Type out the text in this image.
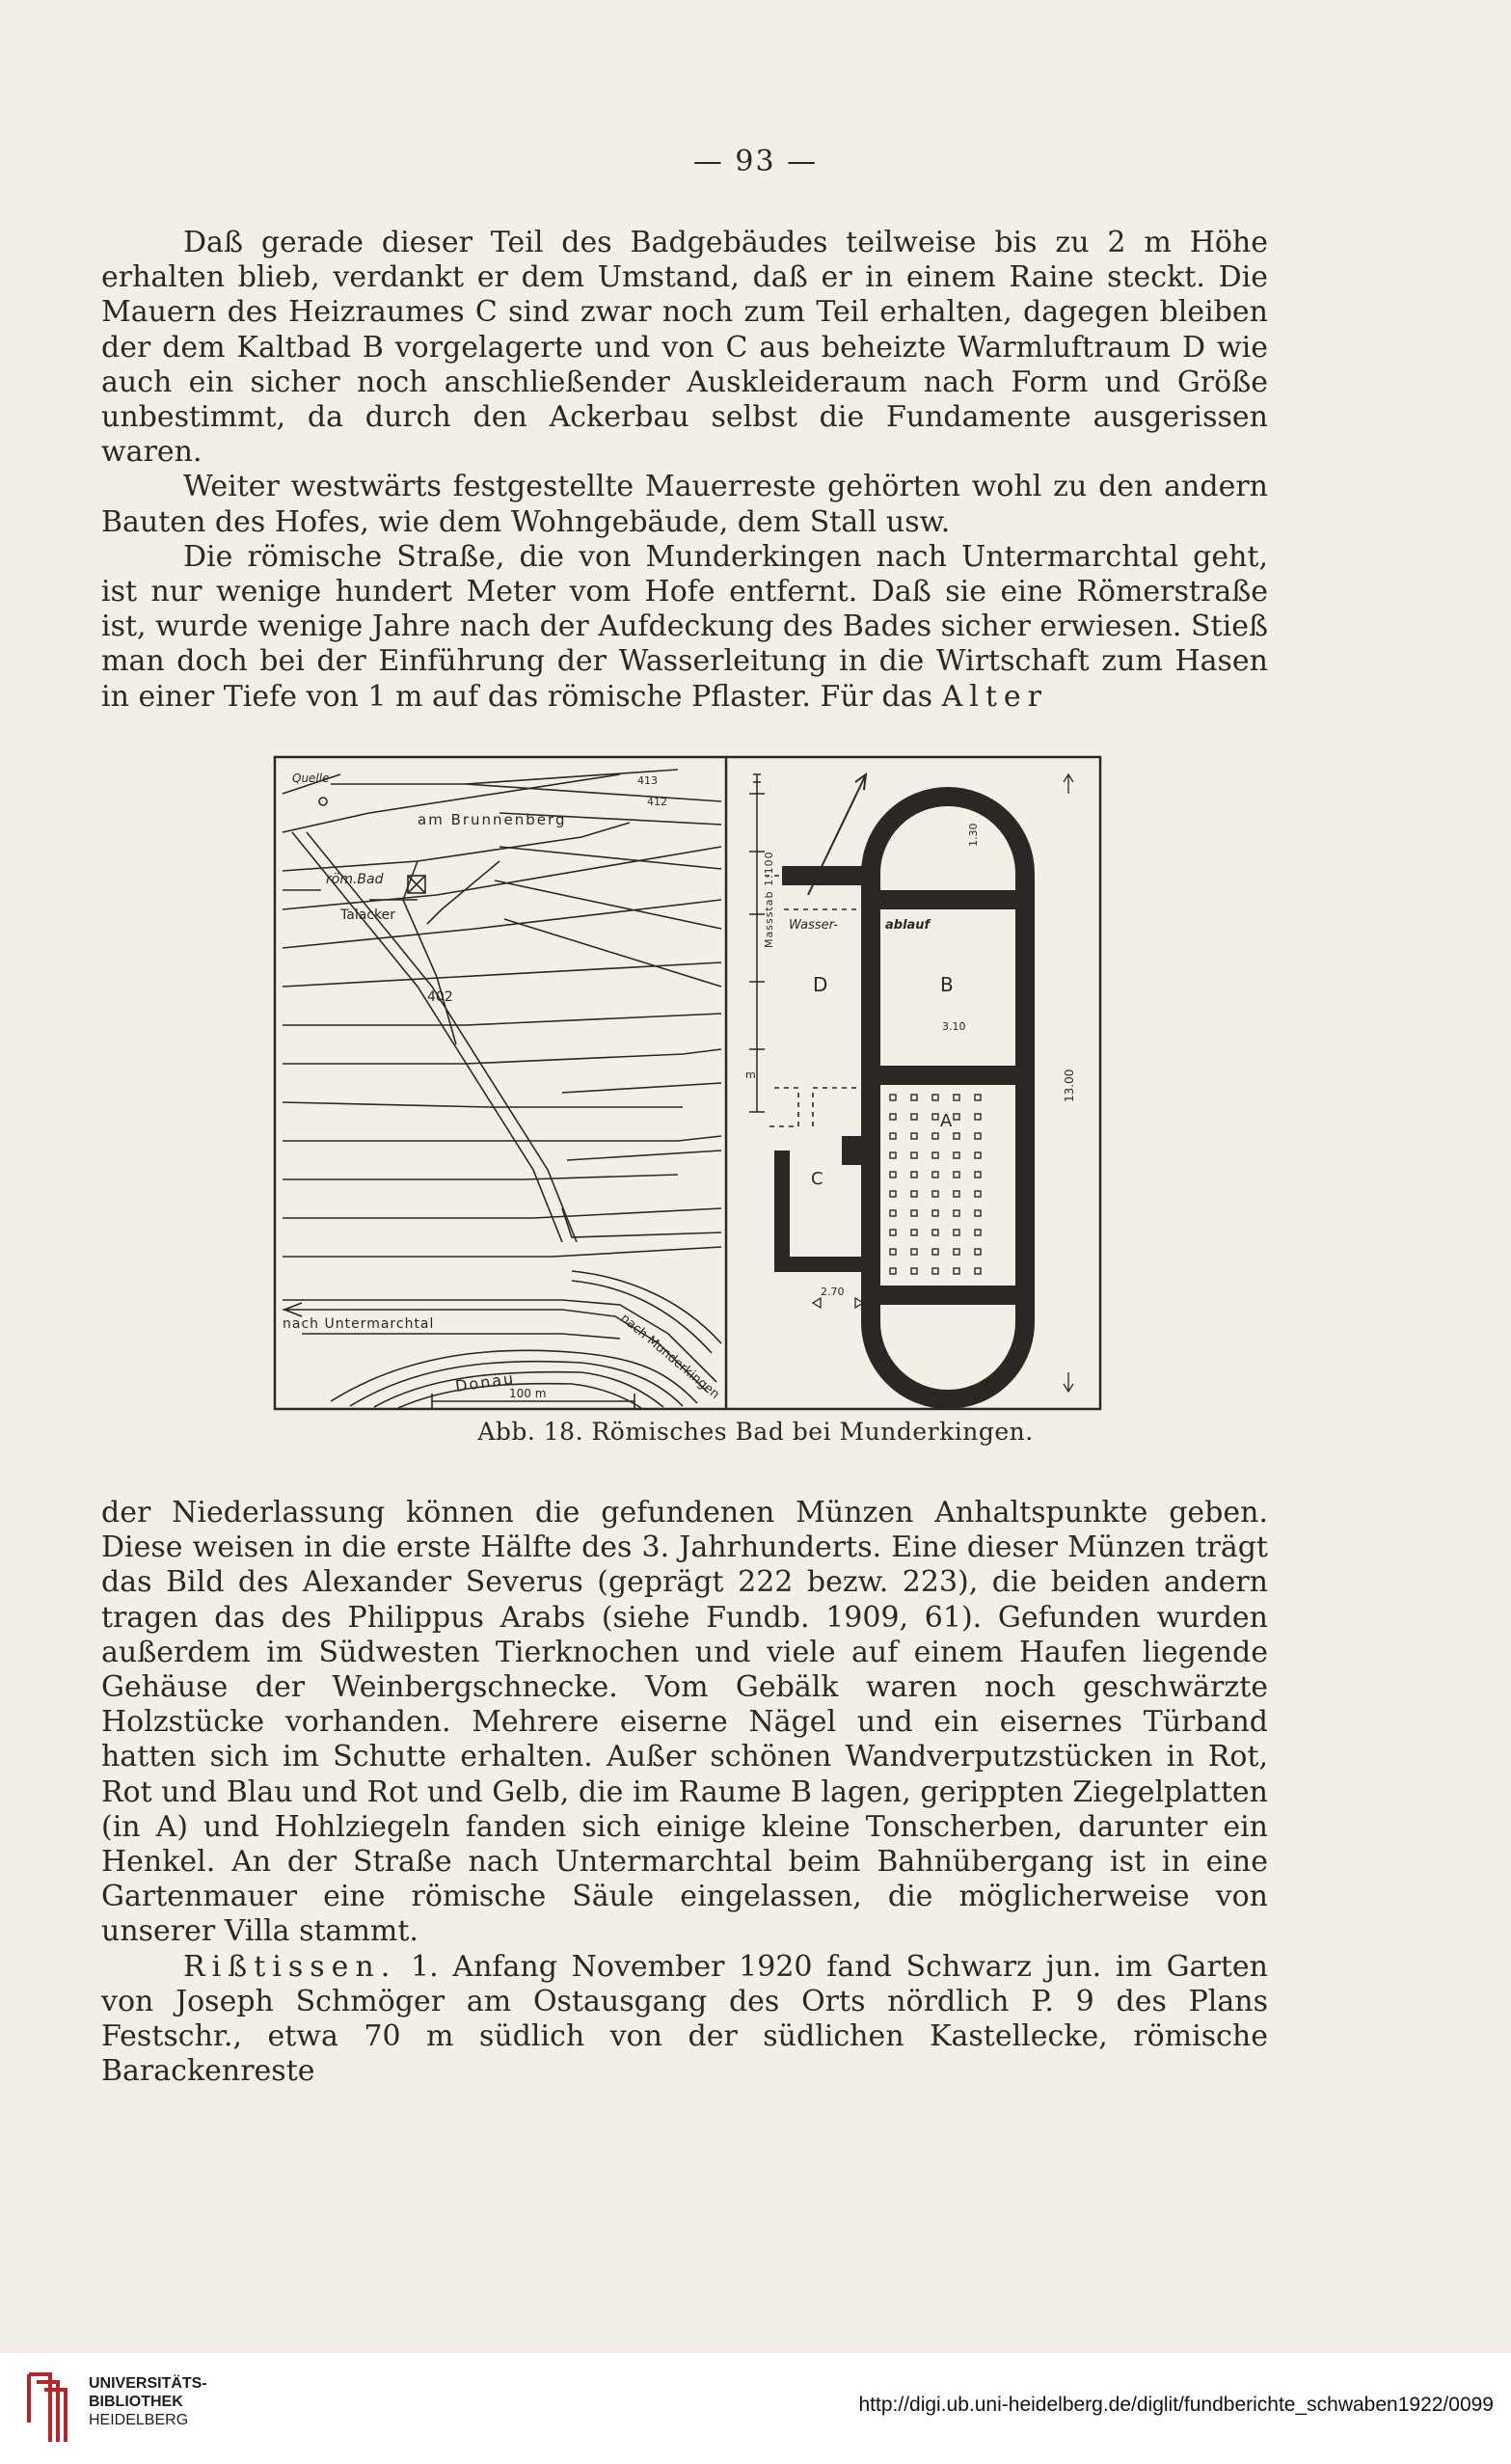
— 93 —

Daß gerade dieser Teil des Badgebäudes teilweise bis zu 2 m Höhe erhalten blieb, verdankt er dem Umstand, daß er in einem Raine steckt. Die Mauern des Heizraumes C sind zwar noch zum Teil erhalten, dagegen bleiben der dem Kaltbad B vorgelagerte und von C aus beheizte Warmluftraum D wie auch ein sicher noch anschließender Auskleideraum nach Form und Größe unbestimmt, da durch den Ackerbau selbst die Fundamente ausgerissen waren.

Weiter westwärts festgestellte Mauerreste gehörten wohl zu den andern Bauten des Hofes, wie dem Wohngebäude, dem Stall usw.

Die römische Straße, die von Munderkingen nach Untermarchtal geht, ist nur wenige hundert Meter vom Hofe entfernt. Daß sie eine Römerstraße ist, wurde wenige Jahre nach der Aufdeckung des Bades sicher erwiesen. Stieß man doch bei der Einführung der Wasserleitung in die Wirtschaft zum Hasen in einer Tiefe von 1 m auf das römische Pflaster. Für das Alter

Quelle
am Brunnenberg
röm.Bad
Talacker
402
413
412
nach Untermarchtal	nach Munderkingen
Donau
100 m
Massstab 1:100
m
Wasser-	ablauf
D	B
A
C
3.10
1.30
13.00
2.70
Abb. 18. Römisches Bad bei Munderkingen.

der Niederlassung können die gefundenen Münzen Anhaltspunkte geben. Diese weisen in die erste Hälfte des 3. Jahrhunderts. Eine dieser Münzen trägt das Bild des Alexander Severus (geprägt 222 bezw. 223), die beiden andern tragen das des Philippus Arabs (siehe Fundb. 1909, 61). Gefunden wurden außerdem im Südwesten Tierknochen und viele auf einem Haufen liegende Gehäuse der Weinbergschnecke. Vom Gebälk waren noch geschwärzte Holzstücke vorhanden. Mehrere eiserne Nägel und ein eisernes Türband hatten sich im Schutte erhalten. Außer schönen Wandverputzstücken in Rot, Rot und Blau und Rot und Gelb, die im Raume B lagen, gerippten Ziegelplatten (in A) und Hohlziegeln fanden sich einige kleine Tonscherben, darunter ein Henkel. An der Straße nach Untermarchtal beim Bahnübergang ist in eine Gartenmauer eine römische Säule eingelassen, die möglicherweise von unserer Villa stammt.

Rißtissen. 1. Anfang November 1920 fand Schwarz jun. im Garten von Joseph Schmöger am Ostausgang des Orts nördlich P. 9 des Plans Festschr., etwa 70 m südlich von der südlichen Kastellecke, römische Barackenreste

UNIVERSITÄTS-
BIBLIOTHEK
HEIDELBERG
http://digi.ub.uni-heidelberg.de/diglit/fundberichte_schwaben1922/0099
